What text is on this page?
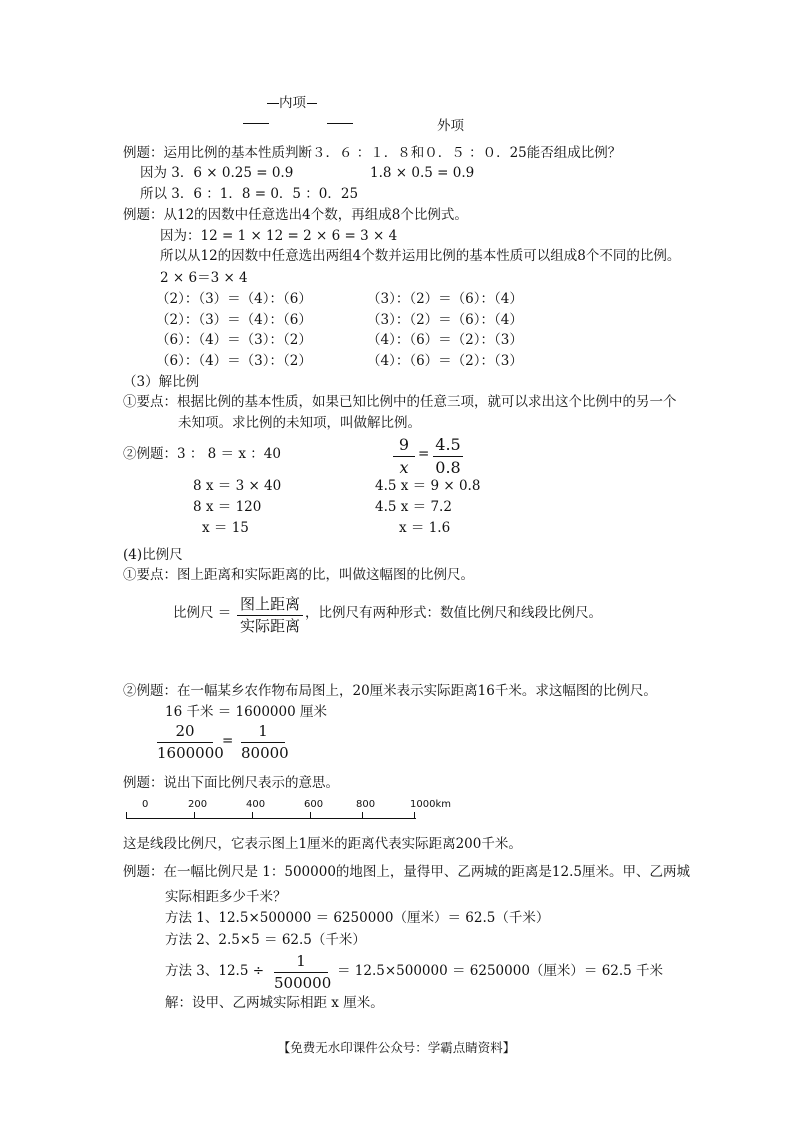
内项
外项
例题：运用比例的基本性质判断３．６ ：１．８和０．５ ：０．25能否组成比例？
因为 3．6 × 0.25 = 0.9	1.8 × 0.5 = 0.9
所以 3．6 ：1．8 = 0．5 ：0．25
例题：从12的因数中任意选出4个数，再组成8个比例式。
因为：12 = 1 × 12 = 2 × 6 = 3 × 4
所以从12的因数中任意选出两组4个数并运用比例的基本性质可以组成8个不同的比例。
2 × 6＝3 × 4
（2）：（3）＝（4）：（6）	（3）：（2）＝（6）：（4）
（2）：（3）＝（4）：（6）	（3）：（2）＝（6）：（4）
（6）：（4）＝（3）：（2）	（4）：（6）＝（2）：（3）
（6）：（4）＝（3）：（2）	（4）：（6）＝（2）：（3）
（3）解比例
①要点：根据比例的基本性质，如果已知比例中的任意三项，就可以求出这个比例中的另一个
未知项。求比例的未知项，叫做解比例。
②例题：3 ： 8 ＝ x ：40	9
x
= 4.5
0.8
8 x ＝ 3 × 40
8 x ＝ 120
x ＝ 15
4.5 x ＝ 9 × 0.8
4.5 x ＝ 7.2
x ＝ 1.6
(4)比例尺
①要点：图上距离和实际距离的比，叫做这幅图的比例尺。
比例尺 ＝ 图上距离
实际距离
，比例尺有两种形式：数值比例尺和线段比例尺。
②例题：在一幅某乡农作物布局图上，20厘米表示实际距离16千米。求这幅图的比例尺。
16 千米 ＝ 1600000 厘米
20
1600000
=
1
80000
例题：说出下面比例尺表示的意思。
0	200	400	600	800	1000km
这是线段比例尺，它表示图上1厘米的距离代表实际距离200千米。
例题：在一幅比例尺是 1：500000的地图上，量得甲、乙两城的距离是12.5厘米。甲、乙两城
实际相距多少千米？
方法 1、12.5×500000 ＝ 6250000（厘米）＝ 62.5（千米）
方法 2、2.5×5 ＝ 62.5（千米）
方法 3、12.5 ÷
1
500000
＝ 12.5×500000 ＝ 6250000（厘米）＝ 62.5 千米
解：设甲、乙两城实际相距 x 厘米。
【免费无水印课件公众号：学霸点睛资料】
